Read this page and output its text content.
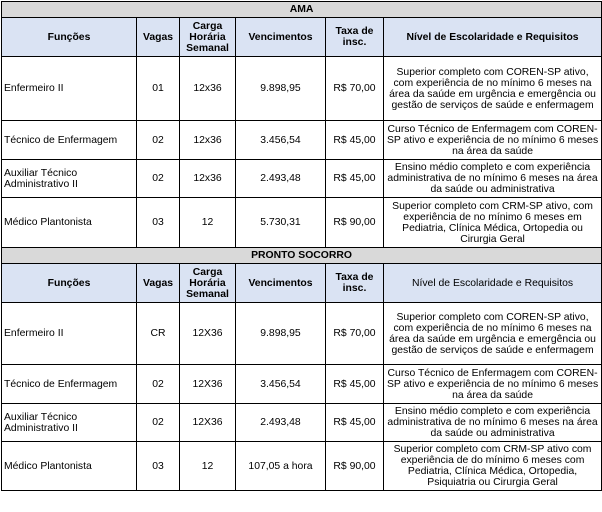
AMA					
Funções	Vagas	Carga Horária Semanal	Vencimentos	Taxa de insc.	Nível de Escolaridade e Requisitos
Enfermeiro II	01	12x36	9.898,95	R$ 70,00	Superior completo com COREN-SP ativo, com experiência de no mínimo 6 meses na área da saúde em urgência e emergência ou gestão de serviços de saúde e enfermagem
Técnico de Enfermagem	02	12x36	3.456,54	R$ 45,00	Curso Técnico de Enfermagem com COREN-SP ativo e experiência de no mínimo 6 meses na área da saúde
Auxiliar Técnico Administrativo II	02	12x36	2.493,48	R$ 45,00	Ensino médio completo e com experiência administrativa de no mínimo 6 meses na área da saúde ou administrativa
Médico Plantonista	03	12	5.730,31	R$ 90,00	Superior completo com CRM-SP ativo, com experiência de no mínimo 6 meses em Pediatria, Clínica Médica, Ortopedia ou Cirurgia Geral
PRONTO SOCORRO					
Funções	Vagas	Carga Horária Semanal	Vencimentos	Taxa de insc.	Nível de Escolaridade e Requisitos
Enfermeiro II	CR	12X36	9.898,95	R$ 70,00	Superior completo com COREN-SP ativo, com experiência de no mínimo 6 meses na área da saúde em urgência e emergência ou gestão de serviços de saúde e enfermagem
Técnico de Enfermagem	02	12X36	3.456,54	R$ 45,00	Curso Técnico de Enfermagem com COREN-SP ativo e experiência de no mínimo 6 meses na área da saúde
Auxiliar Técnico Administrativo II	02	12X36	2.493,48	R$ 45,00	Ensino médio completo e com experiência administrativa de no mínimo 6 meses na área da saúde ou administrativa
Médico Plantonista	03	12	107,05 a hora	R$ 90,00	Superior completo com CRM-SP ativo com experiência de do mínimo 6 meses com Pediatria, Clínica Médica, Ortopedia, Psiquiatria ou Cirurgia Geral
